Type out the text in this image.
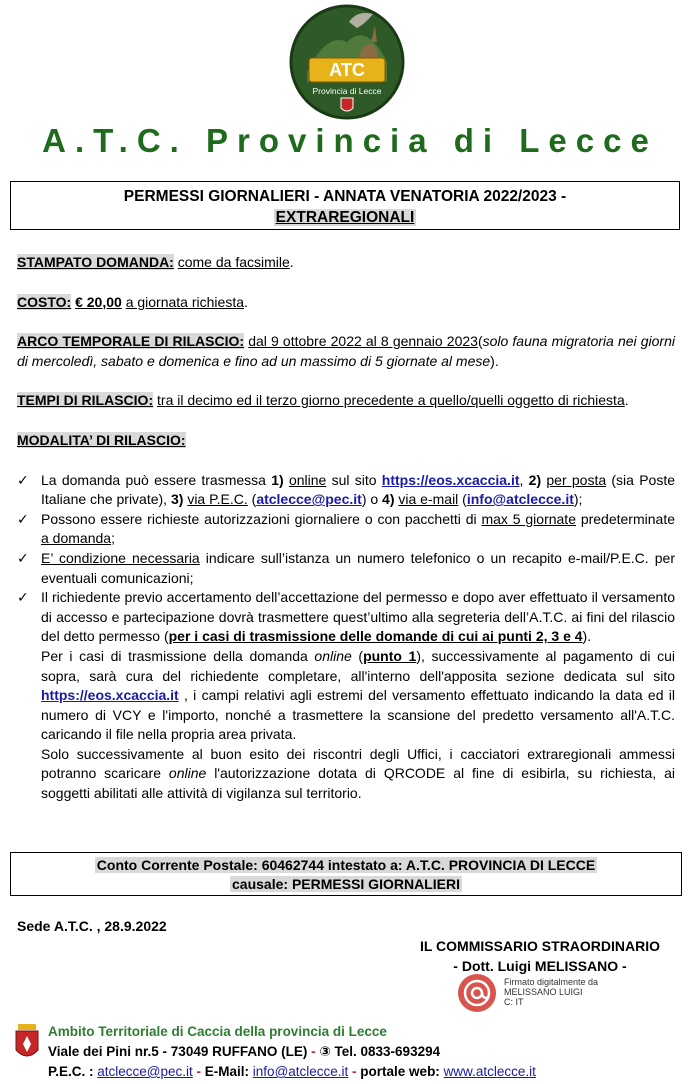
ATC
Provincia di Lecce
A.T.C. Provincia di Lecce
PERMESSI GIORNALIERI - ANNATA VENATORIA 2022/2023 -
EXTRAREGIONALI

STAMPATO DOMANDA: come da facsimile.

COSTO: € 20,00 a giornata richiesta.

ARCO TEMPORALE DI RILASCIO: dal 9 ottobre 2022 al 8 gennaio 2023(solo fauna migratoria nei giorni di mercoledì, sabato e domenica e fino ad un massimo di 5 giornate al mese).

TEMPI DI RILASCIO: tra il decimo ed il terzo giorno precedente a quello/quelli oggetto di richiesta.

MODALITA’ DI RILASCIO:

✓ La domanda può essere trasmessa 1) online sul sito https://eos.xcaccia.it, 2) per posta (sia Poste Italiane che private), 3) via P.E.C. (atclecce@pec.it) o 4) via e-mail (info@atclecce.it);
✓ Possono essere richieste autorizzazioni giornaliere o con pacchetti di max 5 giornate predeterminate a domanda;
✓ E’ condizione necessaria indicare sull’istanza un numero telefonico o un recapito e-mail/P.E.C. per eventuali comunicazioni;
✓ Il richiedente previo accertamento dell’accettazione del permesso e dopo aver effettuato il versamento di accesso e partecipazione dovrà trasmettere quest’ultimo alla segreteria dell’A.T.C. ai fini del rilascio del detto permesso (per i casi di trasmissione delle domande di cui ai punti 2, 3 e 4).
Per i casi di trasmissione della domanda online (punto 1), successivamente al pagamento di cui sopra, sarà cura del richiedente completare, all'interno dell'apposita sezione dedicata sul sito https://eos.xcaccia.it , i campi relativi agli estremi del versamento effettuato indicando la data ed il numero di VCY e l'importo, nonché a trasmettere la scansione del predetto versamento all'A.T.C. caricando il file nella propria area privata.
Solo successivamente al buon esito dei riscontri degli Uffici, i cacciatori extraregionali ammessi potranno scaricare online l'autorizzazione dotata di QRCODE al fine di esibirla, su richiesta, ai soggetti abilitati alle attività di vigilanza sul territorio.
Conto Corrente Postale: 60462744 intestato a: A.T.C. PROVINCIA DI LECCE
causale: PERMESSI GIORNALIERI
Sede A.T.C. , 28.9.2022
IL COMMISSARIO STRAORDINARIO
- Dott. Luigi MELISSANO -
Firmato digitalmente da
MELISSANO LUIGI
C: IT
Ambito Territoriale di Caccia della provincia di Lecce
Viale dei Pini nr.5 - 73049 RUFFANO (LE) - ③ Tel. 0833-693294
P.E.C. : atclecce@pec.it - E-Mail: info@atclecce.it - portale web: www.atclecce.it
